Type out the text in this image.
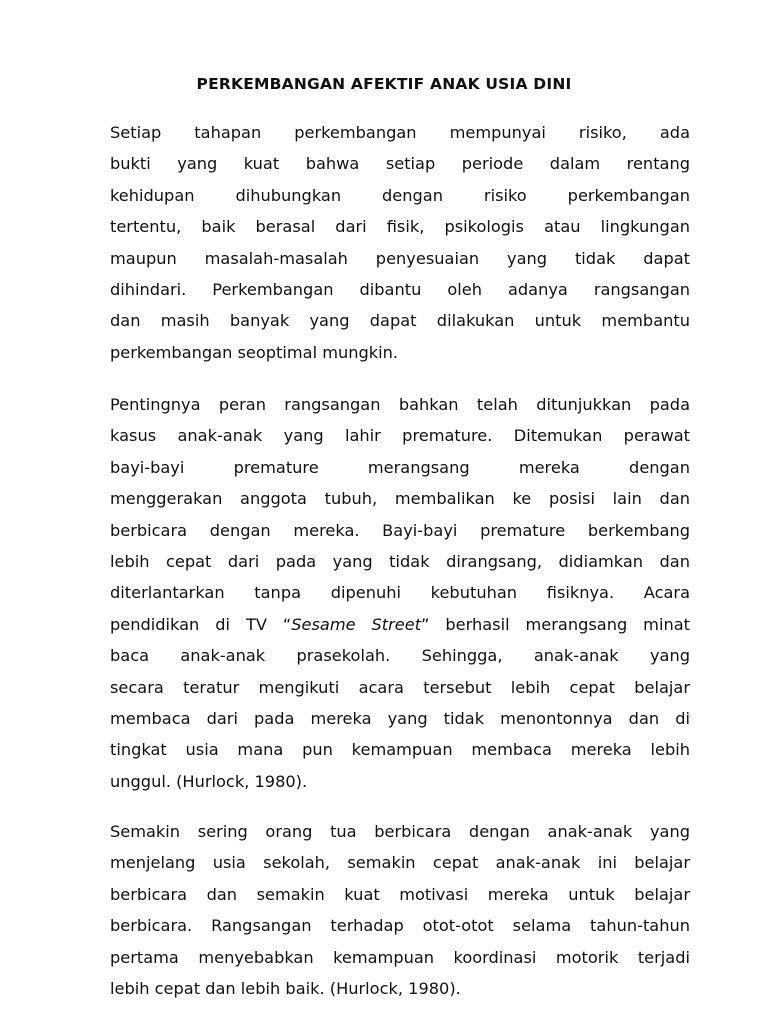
PERKEMBANGAN AFEKTIF ANAK USIA DINI
Setiap tahapan perkembangan mempunyai risiko, ada
bukti yang kuat bahwa setiap periode dalam rentang
kehidupan dihubungkan dengan risiko perkembangan
tertentu, baik berasal dari fisik, psikologis atau lingkungan
maupun masalah-masalah penyesuaian yang tidak dapat
dihindari. Perkembangan dibantu oleh adanya rangsangan
dan masih banyak yang dapat dilakukan untuk membantu
perkembangan seoptimal mungkin.
Pentingnya peran rangsangan bahkan telah ditunjukkan pada
kasus anak-anak yang lahir premature. Ditemukan perawat
bayi-bayi premature merangsang mereka dengan
menggerakan anggota tubuh, membalikan ke posisi lain dan
berbicara dengan mereka. Bayi-bayi premature berkembang
lebih cepat dari pada yang tidak dirangsang, didiamkan dan
diterlantarkan tanpa dipenuhi kebutuhan fisiknya. Acara
pendidikan di TV “Sesame Street” berhasil merangsang minat
baca anak-anak prasekolah. Sehingga, anak-anak yang
secara teratur mengikuti acara tersebut lebih cepat belajar
membaca dari pada mereka yang tidak menontonnya dan di
tingkat usia mana pun kemampuan membaca mereka lebih
unggul. (Hurlock, 1980).
Semakin sering orang tua berbicara dengan anak-anak yang
menjelang usia sekolah, semakin cepat anak-anak ini belajar
berbicara dan semakin kuat motivasi mereka untuk belajar
berbicara. Rangsangan terhadap otot-otot selama tahun-tahun
pertama menyebabkan kemampuan koordinasi motorik terjadi
lebih cepat dan lebih baik. (Hurlock, 1980).
